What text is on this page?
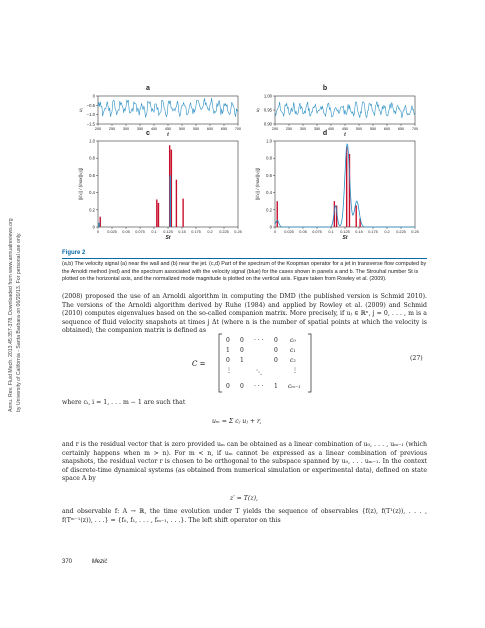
Annu. Rev. Fluid Mech. 2013.45:357-378. Downloaded from www.annualreviews.org by University of California - Santa Barbara on 06/20/13. For personal use only.
a
0
−0.5
−1.0
−1.5
200 250 300 350 400 450 500 550 600 650 700
t
u₁
b
1.00
0.95
0.90
200 250 300 350 400 450 500 550 600 650 700
t
u₂
c
1.0
0.8
0.6
0.4
0.2
0
0 0.025 0.05 0.075 0.1 0.125 0.15 0.175 0.2 0.225 0.25
St
||v̂ₖ|| / (max||vⱼ||)
d
1.0
0.8
0.6
0.4
0.2
0
0 0.025 0.05 0.075 0.1 0.125 0.15 0.175 0.2 0.225 0.25
St
||v̂ₖ|| / (max||vⱼ||)
Figure 2
(a,b) The velocity signal (a) near the wall and (b) near the jet. (c,d) Part of the spectrum of the Koopman operator for a jet in transverse flow computed by the Arnoldi method (red) and the spectrum associated with the velocity signal (blue) for the cases shown in panels a and b. The Strouhal number St is plotted on the horizontal axis, and the normalized mode magnitude is plotted on the vertical axis. Figure taken from Rowley et al. (2009).
(2008) proposed the use of an Arnoldi algorithm in computing the DMD (the published version is Schmid 2010). The versions of the Arnoldi algorithm derived by Ruhe (1984) and applied by Rowley et al. (2009) and Schmid (2010) computes eigenvalues based on the so-called companion matrix. More precisely, if uⱼ ∈ ℝⁿ, j = 0, . . . , m is a sequence of fluid velocity snapshots at times j Δt (where n is the number of spatial points at which the velocity is obtained), the companion matrix is defined as
C =
0 0 · · · 0 c₀
1 0	0 c₁
0 1	0 c₂
⋮	⋱	⋮
0 0 · · · 1 cₘ₋₁
(27)
where cᵢ, i = 1, . . . m − 1 are such that
uₘ = Σ cⱼ uⱼ + r,
and r is the residual vector that is zero provided uₘ can be obtained as a linear combination of u₀, . . . , uₘ₋₁ (which certainly happens when m > n). For m < n, if uₘ cannot be expressed as a linear combination of previous snapshots, the residual vector r is chosen to be orthogonal to the subspace spanned by u₀, . . . uₘ₋₁. In the context of discrete-time dynamical systems (as obtained from numerical simulation or experimental data), defined on state space A by
z′ = T(z),
and observable f: A → ℝ, the time evolution under T yields the sequence of observables {f(z), f(T¹(z)), . . . , f(Tᵐ⁻¹(z)), . . .} = {f₀, f₁, . . . , fₘ₋₁, . . .}. The left shift operator on this
370	Mezić
